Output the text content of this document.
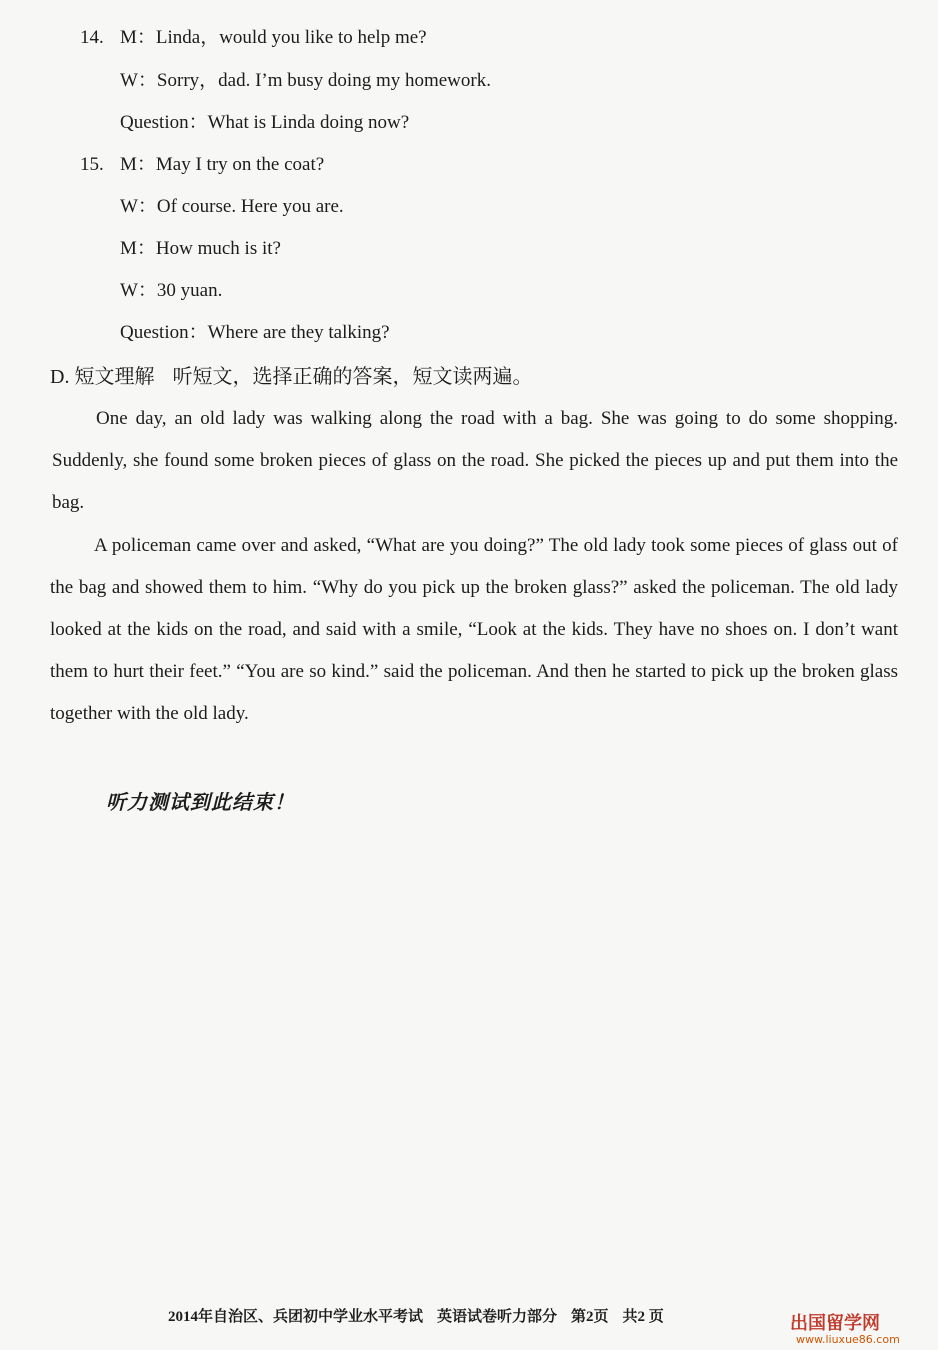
14. M：Linda，would you like to help me?
W：Sorry，dad. I’m busy doing my homework.
Question：What is Linda doing now?
15. M：May I try on the coat?
W：Of course. Here you are.
M：How much is it?
W：30 yuan.
Question：Where are they talking?
D. 短文理解 听短文，选择正确的答案，短文读两遍。
One day, an old lady was walking along the road with a bag. She was going to do some shopping. Suddenly, she found some broken pieces of glass on the road. She picked the pieces up and put them into the bag.
A policeman came over and asked, “What are you doing?” The old lady took some pieces of glass out of the bag and showed them to him. “Why do you pick up the broken glass?” asked the policeman. The old lady looked at the kids on the road, and said with a smile, “Look at the kids. They have no shoes on. I don’t want them to hurt their feet.” “You are so kind.” said the policeman. And then he started to pick up the broken glass together with the old lady.
听力测试到此结束！
2014年自治区、兵团初中学业水平考试 英语试卷听力部分 第2页 共2 页	出国留学网
www.liuxue86.com
